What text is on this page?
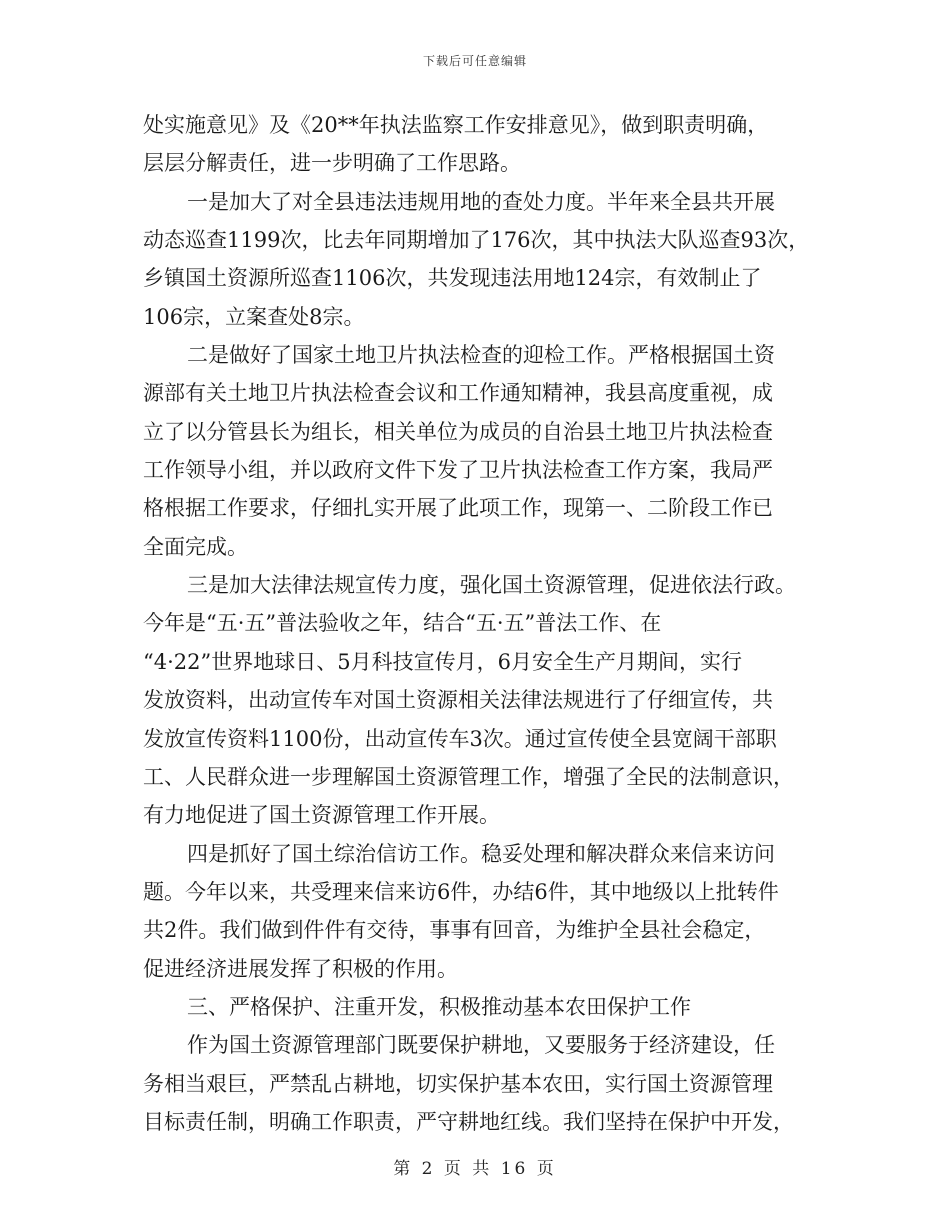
下载后可任意编辑
处实施意见》及《20**年执法监察工作安排意见》，做到职责明确，
层层分解责任，进一步明确了工作思路。
一是加大了对全县违法违规用地的查处力度。半年来全县共开展
动态巡查1199次，比去年同期增加了176次，其中执法大队巡查93次，
乡镇国土资源所巡查1106次，共发现违法用地124宗，有效制止了
106宗，立案查处8宗。
二是做好了国家土地卫片执法检查的迎检工作。严格根据国土资
源部有关土地卫片执法检查会议和工作通知精神，我县高度重视，成
立了以分管县长为组长，相关单位为成员的自治县土地卫片执法检查
工作领导小组，并以政府文件下发了卫片执法检查工作方案，我局严
格根据工作要求，仔细扎实开展了此项工作，现第一、二阶段工作已
全面完成。
三是加大法律法规宣传力度，强化国土资源管理，促进依法行政。
今年是“五·五”普法验收之年，结合“五·五”普法工作、在
“4·22”世界地球日、5月科技宣传月，6月安全生产月期间，实行
发放资料，出动宣传车对国土资源相关法律法规进行了仔细宣传，共
发放宣传资料1100份，出动宣传车3次。通过宣传使全县宽阔干部职
工、人民群众进一步理解国土资源管理工作，增强了全民的法制意识，
有力地促进了国土资源管理工作开展。
四是抓好了国土综治信访工作。稳妥处理和解决群众来信来访问
题。今年以来，共受理来信来访6件，办结6件，其中地级以上批转件
共2件。我们做到件件有交待，事事有回音，为维护全县社会稳定，
促进经济进展发挥了积极的作用。
三、严格保护、注重开发，积极推动基本农田保护工作
作为国土资源管理部门既要保护耕地，又要服务于经济建设，任
务相当艰巨，严禁乱占耕地，切实保护基本农田，实行国土资源管理
目标责任制，明确工作职责，严守耕地红线。我们坚持在保护中开发，
第 2 页 共 16 页
